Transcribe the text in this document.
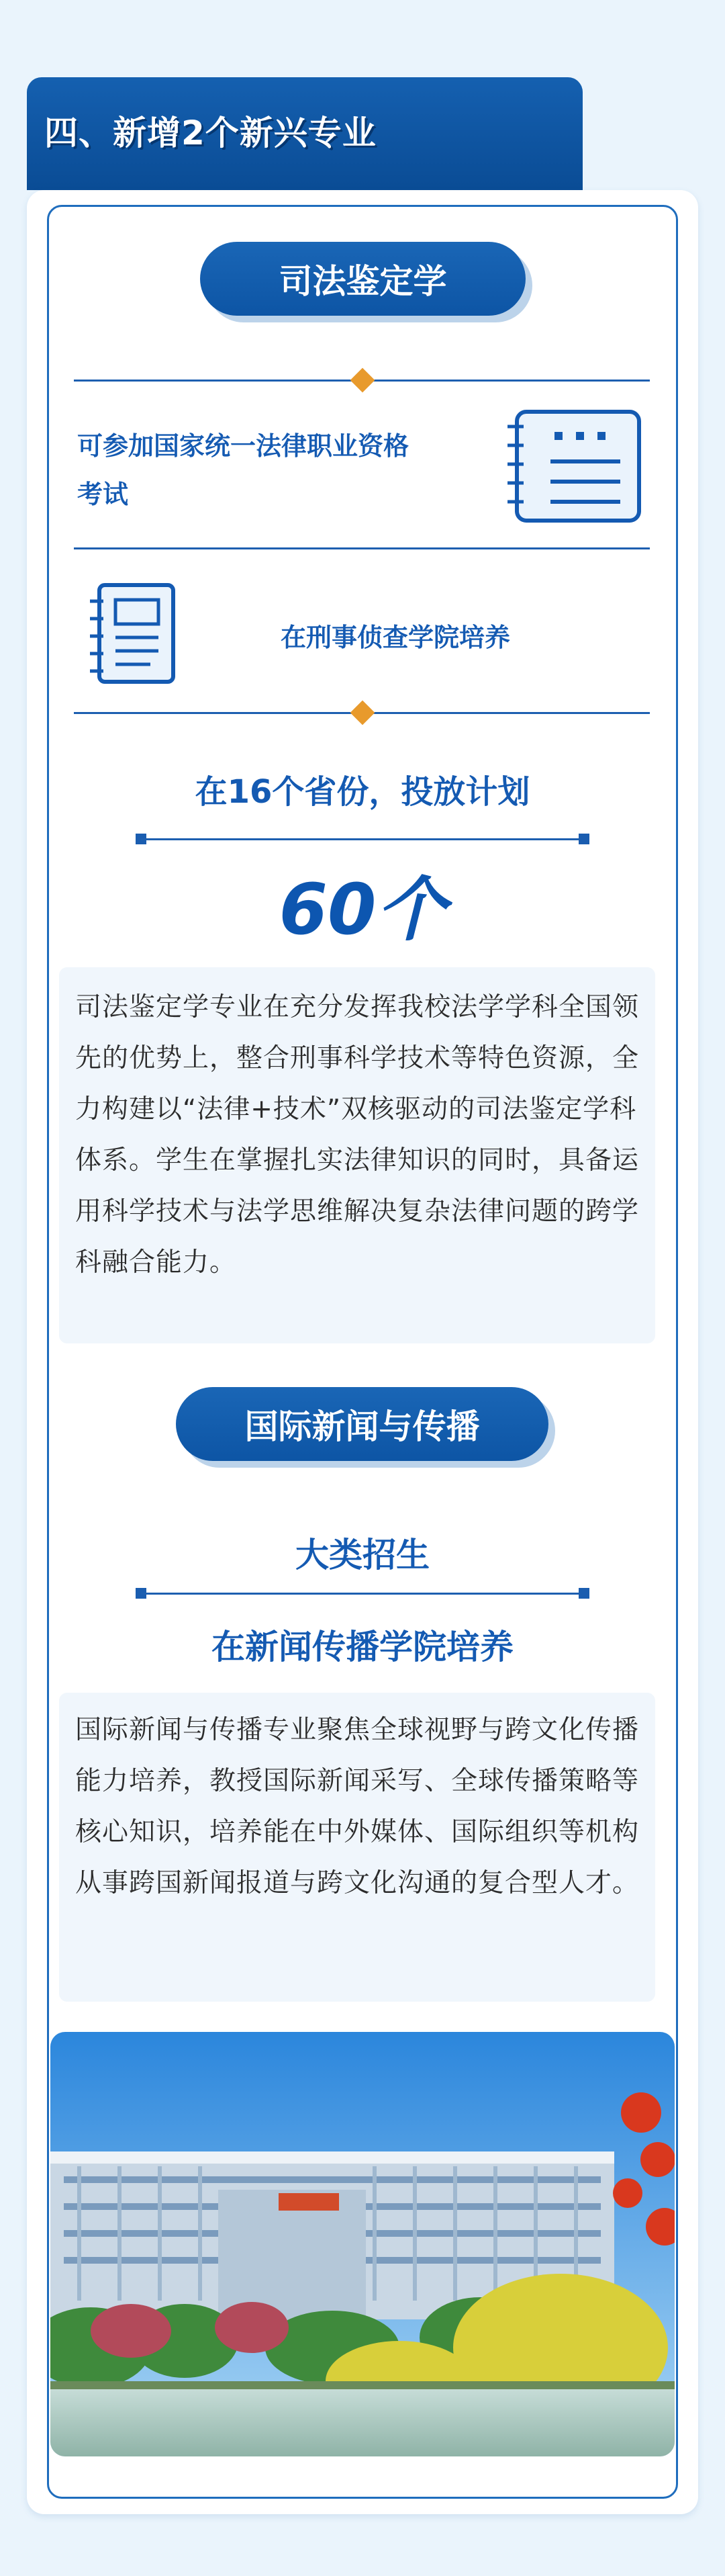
四、新增2个新兴专业
司法鉴定学
可参加国家统一法律职业资格
考试
在刑事侦查学院培养
在16个省份，投放计划
60个
司法鉴定学专业在充分发挥我校法学学科全国领先的优势上，整合刑事科学技术等特色资源，全力构建以“法律+技术”双核驱动的司法鉴定学科体系。学生在掌握扎实法律知识的同时，具备运用科学技术与法学思维解决复杂法律问题的跨学科融合能力。
国际新闻与传播
大类招生
在新闻传播学院培养
国际新闻与传播专业聚焦全球视野与跨文化传播能力培养，教授国际新闻采写、全球传播策略等核心知识，培养能在中外媒体、国际组织等机构从事跨国新闻报道与跨文化沟通的复合型人才。
